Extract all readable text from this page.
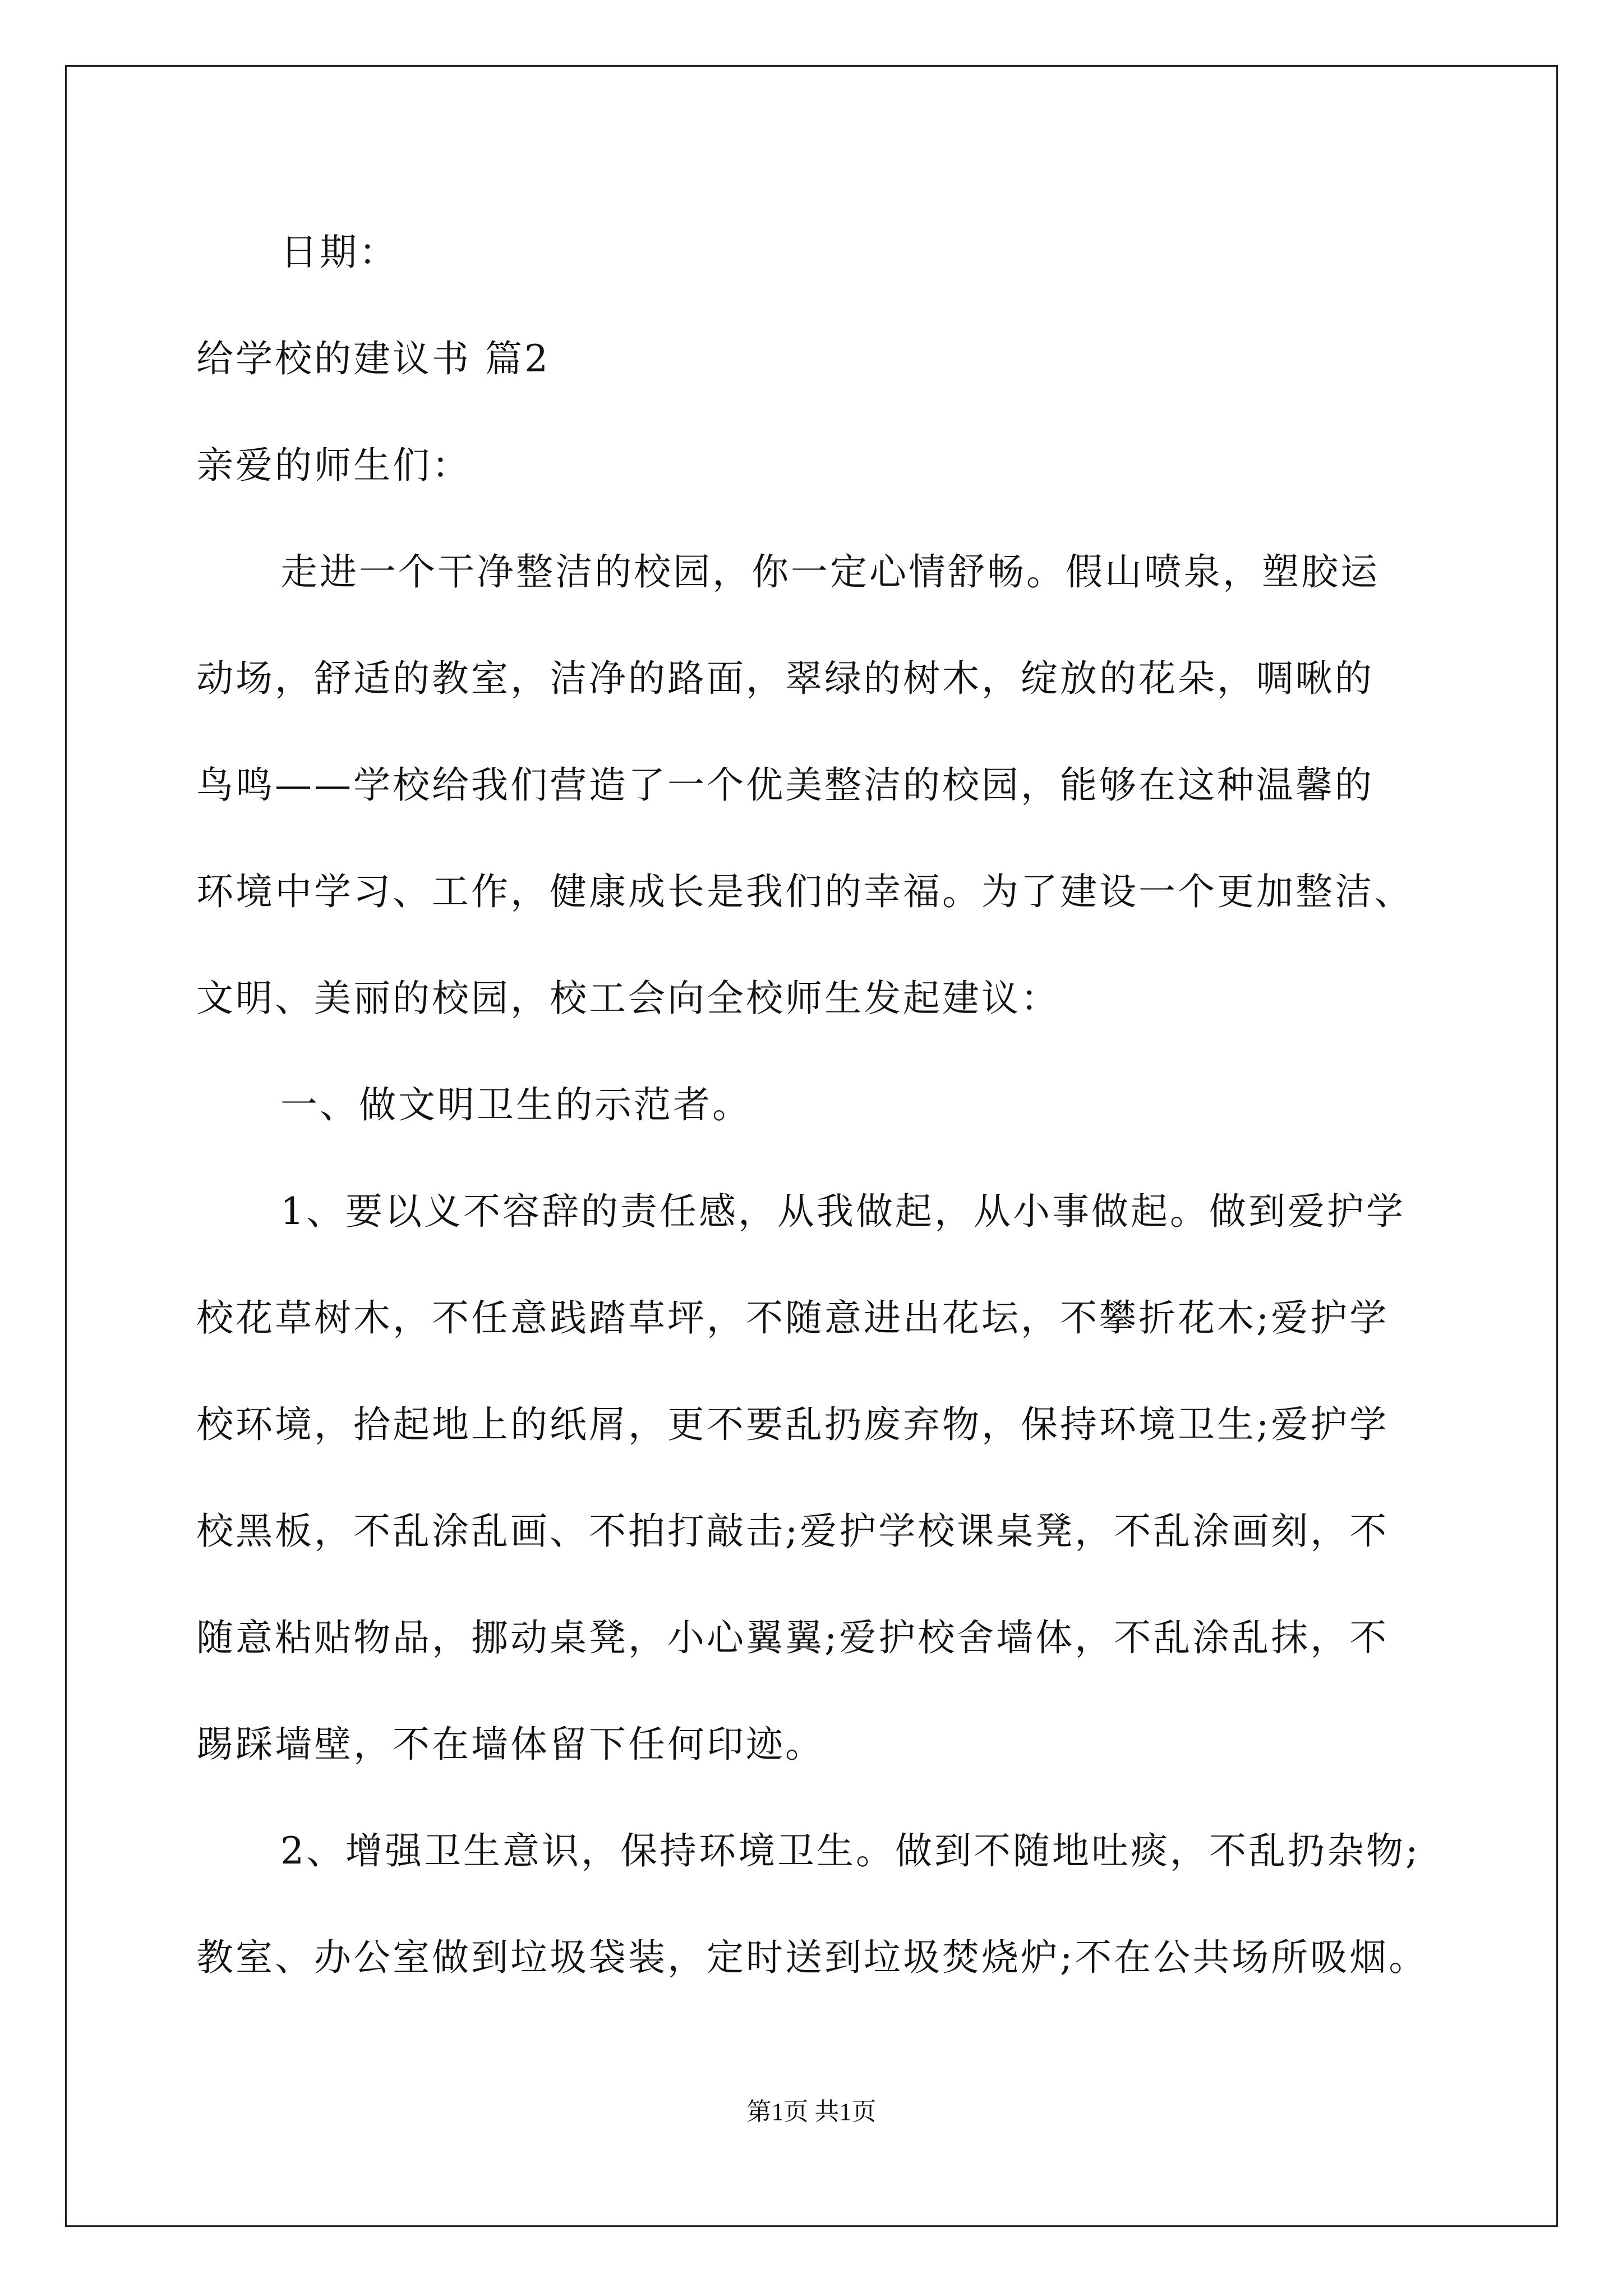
日期：
给学校的建议书 篇2
亲爱的师生们：
走进一个干净整洁的校园，你一定心情舒畅。假山喷泉，塑胶运
动场，舒适的教室，洁净的路面，翠绿的树木，绽放的花朵，啁啾的
鸟鸣——学校给我们营造了一个优美整洁的校园，能够在这种温馨的
环境中学习、工作，健康成长是我们的幸福。为了建设一个更加整洁、
文明、美丽的校园，校工会向全校师生发起建议：
一、做文明卫生的示范者。
1、要以义不容辞的责任感，从我做起，从小事做起。做到爱护学
校花草树木，不任意践踏草坪，不随意进出花坛，不攀折花木;爱护学
校环境，拾起地上的纸屑，更不要乱扔废弃物，保持环境卫生;爱护学
校黑板，不乱涂乱画、不拍打敲击;爱护学校课桌凳，不乱涂画刻，不
随意粘贴物品，挪动桌凳，小心翼翼;爱护校舍墙体，不乱涂乱抹，不
踢踩墙壁，不在墙体留下任何印迹。
2、增强卫生意识，保持环境卫生。做到不随地吐痰，不乱扔杂物;
教室、办公室做到垃圾袋装，定时送到垃圾焚烧炉;不在公共场所吸烟。
第1页 共1页
